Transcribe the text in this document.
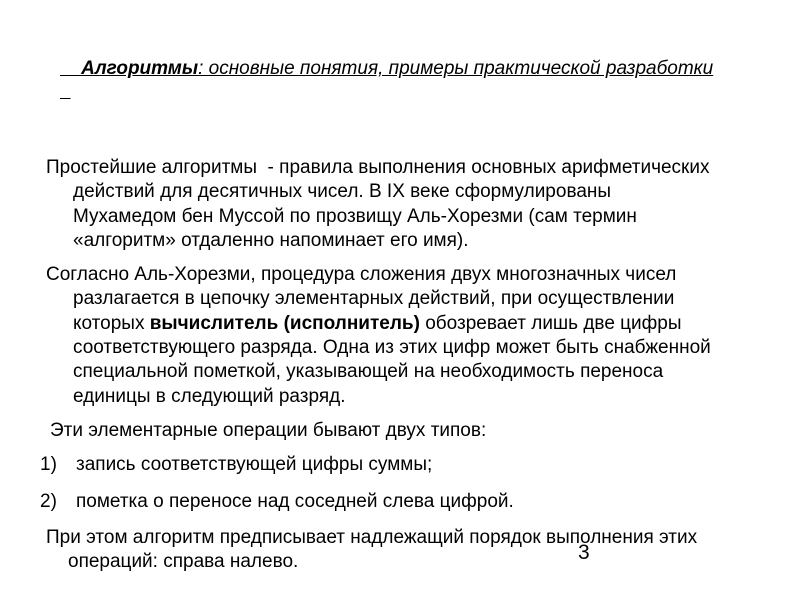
Алгоритмы: основные понятия, примеры практической разработки

Простейшие алгоритмы  - правила выполнения основных арифметических
действий для десятичных чисел. В IX веке сформулированы
Мухамедом бен Муссой по прозвищу Аль-Хорезми (сам термин
«алгоритм» отдаленно напоминает его имя).
Согласно Аль-Хорезми, процедура сложения двух многозначных чисел
разлагается в цепочку элементарных действий, при осуществлении
которых вычислитель (исполнитель) обозревает лишь две цифры
соответствующего разряда. Одна из этих цифр может быть снабженной
специальной пометкой, указывающей на необходимость переноса
единицы в следующий разряд.
Эти элементарные операции бывают двух типов:
1)	запись соответствующей цифры суммы;
2)	пометка о переносе над соседней слева цифрой.
При этом алгоритм предписывает надлежащий порядок выполнения этих
операций: справа налево.	3
